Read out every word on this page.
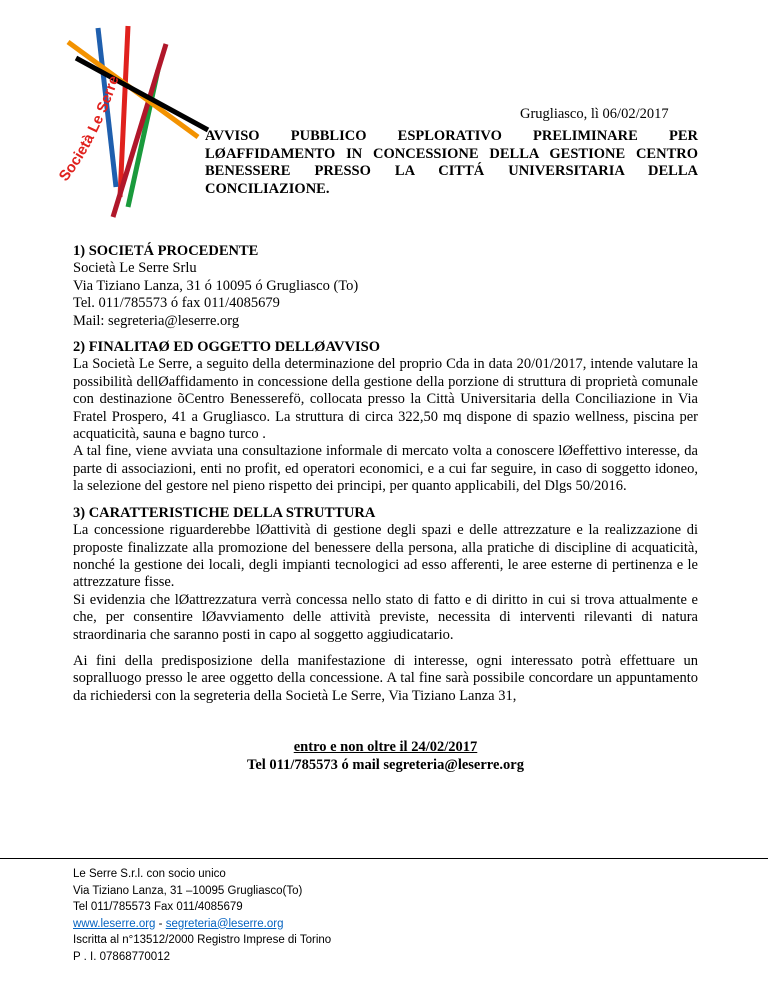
ocietà Le Serre
Grugliasco, lì 06/02/2017
AVVISO PUBBLICO ESPLORATIVO PRELIMINARE PER
LØAFFIDAMENTO IN CONCESSIONE DELLA GESTIONE CENTRO
BENESSERE PRESSO LA CITTÁ UNIVERSITARIA DELLA
CONCILIAZIONE.

1) SOCIETÁ PROCEDENTE

Società Le Serre Srlu

Via Tiziano Lanza, 31 ó 10095 ó Grugliasco (To)

Tel. 011/785573 ó fax 011/4085679

Mail: segreteria@leserre.org

2) FINALITAØ ED OGGETTO DELLØAVVISO

La Società Le Serre, a seguito della determinazione del proprio Cda in data 20/01/2017, intende valutare la possibilità dellØaffidamento in concessione della gestione della porzione di struttura di proprietà comunale con destinazione õCentro Benesserefö, collocata presso la Città Universitaria della Conciliazione in Via Fratel Prospero, 41 a Grugliasco. La struttura di circa 322,50 mq dispone di spazio wellness, piscina per acquaticità, sauna e bagno turco .

A tal fine, viene avviata una consultazione informale di mercato volta a conoscere lØeffettivo interesse, da parte di associazioni, enti no profit, ed operatori economici, e a cui far seguire, in caso di soggetto idoneo, la selezione del gestore nel pieno rispetto dei principi, per quanto applicabili, del Dlgs 50/2016.

3) CARATTERISTICHE DELLA STRUTTURA

La concessione riguarderebbe lØattività di gestione degli spazi e delle attrezzature e la realizzazione di proposte finalizzate alla promozione del benessere della persona, alla pratiche di discipline di acquaticità, nonché la gestione dei locali, degli impianti tecnologici ad esso afferenti, le aree esterne di pertinenza e le attrezzature fisse.

Si evidenzia che lØattrezzatura verrà concessa nello stato di fatto e di diritto in cui si trova attualmente e che, per consentire lØavviamento delle attività previste, necessita di interventi rilevanti di natura straordinaria che saranno posti in capo al soggetto aggiudicatario.

Ai fini della predisposizione della manifestazione di interesse, ogni interessato potrà effettuare un sopralluogo presso le aree oggetto della concessione. A tal fine sarà possibile concordare un appuntamento da richiedersi con la segreteria della Società Le Serre, Via Tiziano Lanza 31,

entro e non oltre il 24/02/2017

Tel 011/785573 ó mail segreteria@leserre.org

Le Serre S.r.l. con socio unico
Via Tiziano Lanza, 31 –10095 Grugliasco(To)
Tel 011/785573 Fax 011/4085679
www.leserre.org - segreteria@leserre.org
Iscritta al n°13512/2000 Registro Imprese di Torino
P . I. 07868770012
